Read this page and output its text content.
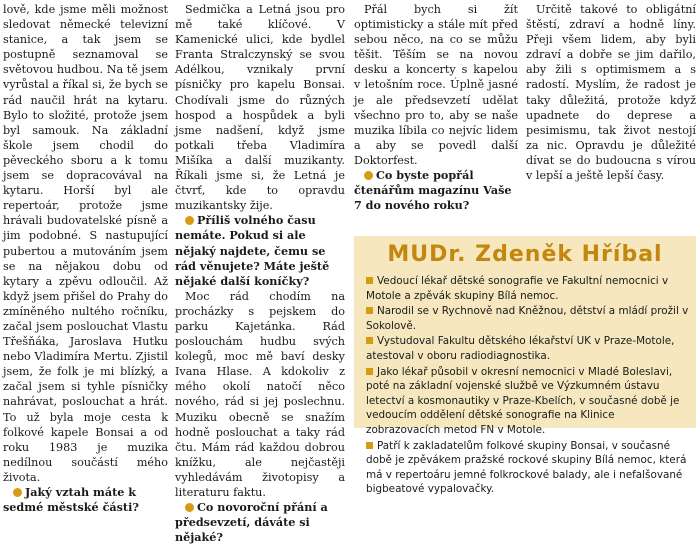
lově, kde jsme měli možnost sledovat německé televizní stanice, a tak jsem se postupně seznamoval se světovou hudbou. Na tě jsem vyrůstal a říkal si, že bych se rád naučil hrát na kytaru. Bylo to složité, protože jsem byl samouk. Na základní škole jsem chodil do pěveckého sboru a k tomu jsem se dopracovával na kytaru. Horší byl ale repertoár, protože jsme hrávali budovatelské písně a jim podobné. S nastupující pubertou a mutováním jsem se na nějakou dobu od kytary a zpěvu odloučil. Až když jsem přišel do Prahy do zmíněného nultého ročníku, začal jsem poslouchat Vlastu Třešňáka, Jaroslava Hutku nebo Vladimíra Mertu. Zjistil jsem, že folk je mi blízký, a začal jsem si tyhle písničky nahrávat, poslouchat a hrát. To už byla moje cesta k folkové kapele Bonsai a od roku 1983 je muzika nedílnou součástí mého života.

Jaký vztah máte k sedmé městské části?

Sedmička a Letná jsou pro mě také klíčové. V Kamenické ulici, kde bydlel Franta Stralczynský se svou Adélkou, vznikaly první písničky pro kapelu Bonsai. Chodívali jsme do různých hospod a hospůdek a byli jsme nadšení, když jsme potkali třeba Vladimíra Mišíka a další muzikanty. Říkali jsme si, že Letná je čtvrť, kde to opravdu muzikantsky žije.

Příliš volného času nemáte. Pokud si ale nějaký najdete, čemu se rád věnujete? Máte ještě nějaké další koníčky?

Moc rád chodím na procházky s pejskem do parku Kajetánka. Rád poslouchám hudbu svých kolegů, moc mě baví desky Ivana Hlase. A kdokoliv z mého okolí natočí něco nového, rád si jej poslechnu. Muziku obecně se snažím hodně poslouchat a taky rád čtu. Mám rád každou dobrou knížku, ale nejčastěji vyhledávám životopisy a literaturu faktu.

Co novoroční přání a předsevzetí, dáváte si nějaké?

Přál bych si žít optimisticky a stále mít před sebou něco, na co se můžu těšit. Těším se na novou desku a koncerty s kapelou v letošním roce. Úplně jasné je ale předsevzetí udělat všechno pro to, aby se naše muzika líbila co nejvíc lidem a aby se povedl další Doktorfest.

Co byste popřál čtenářům magazínu Vaše 7 do nového roku?

Určitě takové to obligátní štěstí, zdraví a hodně líny. Přeji všem lidem, aby byli zdraví a dobře se jim dařilo, aby žili s optimismem a s radostí. Myslím, že radost je taky důležitá, protože když upadnete do deprese a pesimismu, tak život nestojí za nic. Opravdu je důležité dívat se do budoucna s vírou v lepší a ještě lepší časy.

MUDr. Zdeněk Hříbal
Vedoucí lékař dětské sonografie ve Fakultní nemocnici v Motole a zpěvák skupiny Bílá nemoc.
Narodil se v Rychnově nad Kněžnou, dětství a mládí prožil v Sokolově.
Vystudoval Fakultu dětského lékařství UK v Praze-Motole, atestoval v oboru radiodiagnostika.
Jako lékař působil v okresní nemocnici v Mladé Boleslavi, poté na základní vojenské službě ve Výzkumném ústavu letectví a kosmonautiky v Praze-Kbelích, v současné době je vedoucím oddělení dětské sonografie na Klinice zobrazovacích metod FN v Motole.
Patří k zakladatelům folkové skupiny Bonsai, v současné době je zpěvákem pražské rockové skupiny Bílá nemoc, která má v repertoáru jemné folkrockové balady, ale i nefalšované bigbeatové vypalovačky.
